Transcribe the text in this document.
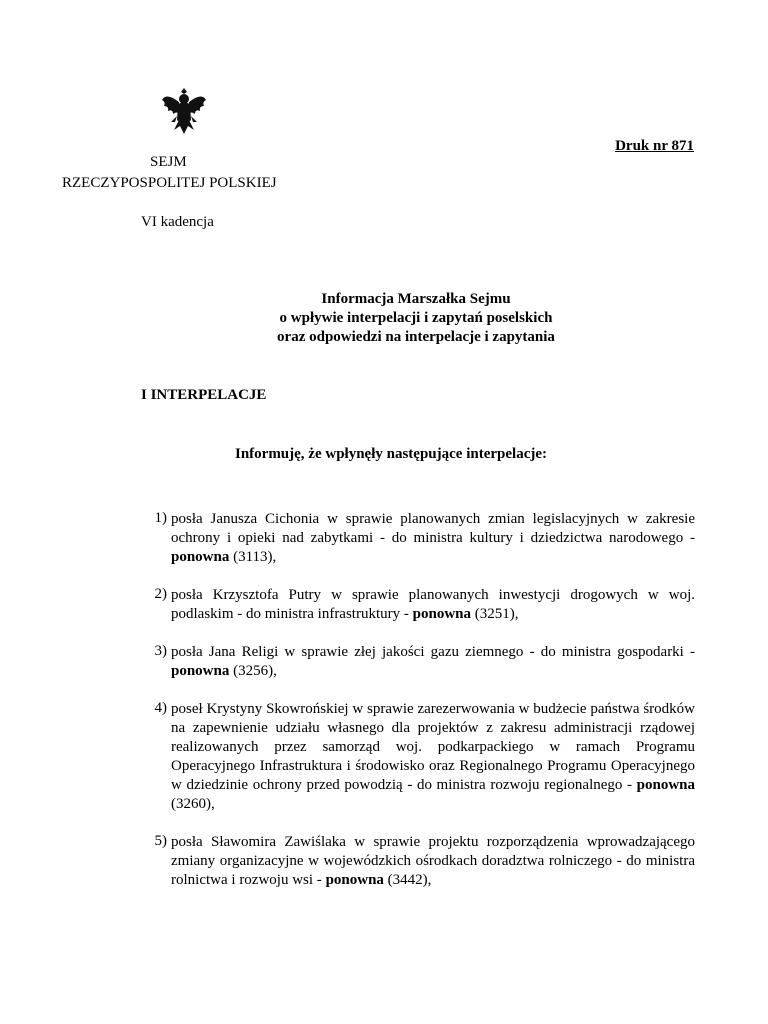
Druk nr 871
SEJM
RZECZYPOSPOLITEJ POLSKIEJ
VI kadencja
Informacja Marszałka Sejmu
o wpływie interpelacji i zapytań poselskich
oraz odpowiedzi na interpelacje i zapytania
I INTERPELACJE
Informuję, że wpłynęły następujące interpelacje:
1) posła Janusza Cichonia w sprawie planowanych zmian legislacyjnych w zakresie ochrony i opieki nad zabytkami - do ministra kultury i dziedzictwa narodowego - ponowna (3113),
2) posła Krzysztofa Putry w sprawie planowanych inwestycji drogowych w woj. podlaskim - do ministra infrastruktury - ponowna (3251),
3) posła Jana Religi w sprawie złej jakości gazu ziemnego - do ministra gospodarki - ponowna (3256),
4) poseł Krystyny Skowrońskiej w sprawie zarezerwowania w budżecie państwa środków na zapewnienie udziału własnego dla projektów z zakresu administracji rządowej realizowanych przez samorząd woj. podkarpackiego w ramach Programu Operacyjnego Infrastruktura i środowisko oraz Regionalnego Programu Operacyjnego w dziedzinie ochrony przed powodzią - do ministra rozwoju regionalnego - ponowna (3260),
5) posła Sławomira Zawiślaka w sprawie projektu rozporządzenia wprowadzającego zmiany organizacyjne w wojewódzkich ośrodkach doradztwa rolniczego - do ministra rolnictwa i rozwoju wsi - ponowna (3442),
